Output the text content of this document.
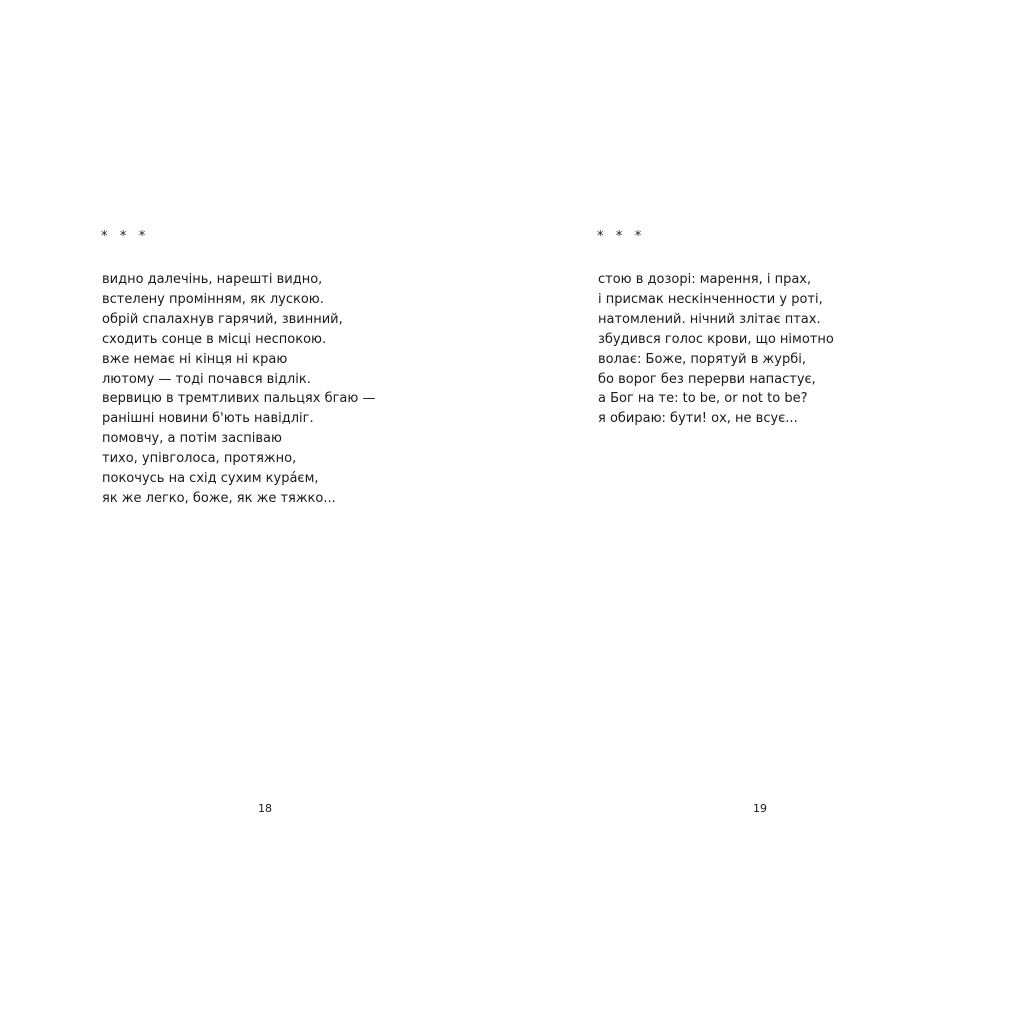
*   *   *
видно далечінь, нарешті видно,
встелену промінням, як лускою.
обрій спалахнув гарячий, звинний,
сходить сонце в місці неспокою.
вже немає ні кінця ні краю
лютому — тоді почався відлік.
вервицю в тремтливих пальцях бгаю —
ранішні новини б'ють навідліг.
помовчу, а потім заспіваю
тихо, упівголоса, протяжно,
покочусь на схід сухим кура́єм,
як же легко, боже, як же тяжко...
18
*   *   *
стою в дозорі: марення, і прах,
і присмак нескінченности у роті,
натомлений. нічний злітає птах.
збудився голос крови, що німотно
волає: Боже, порятуй в журбі,
бо ворог без перерви напастує,
а Бог на те: to be, or not to be?
я обираю: бути! ох, не всує...
19
